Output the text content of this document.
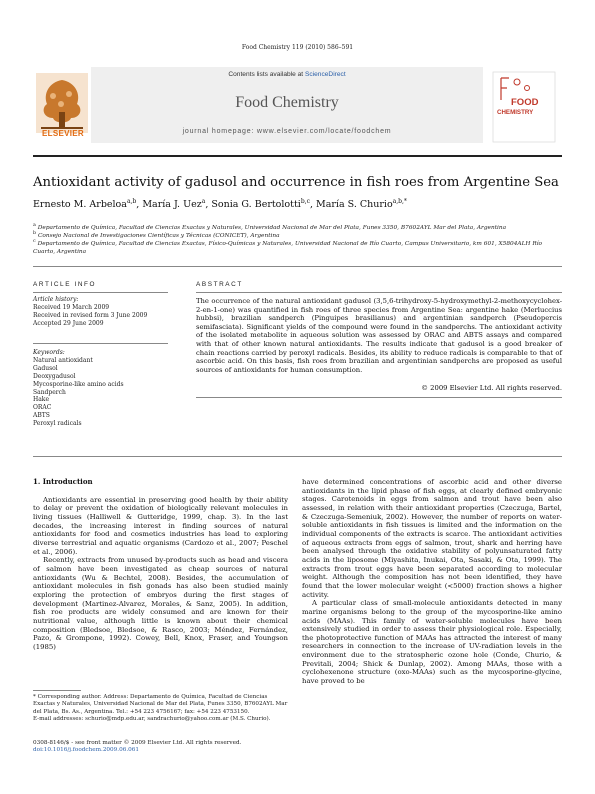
Food Chemistry 119 (2010) 586–591
ELSEVIER
Contents lists available at ScienceDirect
Food Chemistry
journal homepage: www.elsevier.com/locate/foodchem
FOOD
CHEMISTRY
Antioxidant activity of gadusol and occurrence in fish roes from Argentine Sea
Ernesto M. Arbeloa$^{a,b}$, María J. Uez$^a$, Sonia G. Bertolotti$^{b,c}$, María S. Churio$^{a,b,*}$
$^a$ Departamento de Química, Facultad de Ciencias Exactas y Naturales, Universidad Nacional de Mar del Plata, Funes 3350, B7602AYL Mar del Plata, Argentina
$^b$ Consejo Nacional de Investigaciones Científicas y Técnicas (CONICET), Argentina
$^c$ Departamento de Química, Facultad de Ciencias Exactas, Físico-Químicas y Naturales, Universidad Nacional de Río Cuarto, Campus Universitario, km 601, X5804ALH Río Cuarto, Argentina
ARTICLE INFO
Article history:
Received 19 March 2009
Received in revised form 3 June 2009
Accepted 29 June 2009
Keywords:
Natural antioxidant
Gadusol
Deoxygadusol
Mycosporine-like amino acids
Sandperch
Hake
ORAC
ABTS
Peroxyl radicals
ABSTRACT
The occurrence of the natural antioxidant gadusol (3,5,6-trihydroxy-5-hydroxymethyl-2-methoxycyclohex-2-en-1-one) was quantified in fish roes of three species from Argentine Sea: argentine hake (Merluccius hubbsi), brazilian sandperch (Pinguipes brasilianus) and argentinian sandperch (Pseudopercis semifasciata). Significant yields of the compound were found in the sandperchs. The antioxidant activity of the isolated metabolite in aqueous solution was assessed by ORAC and ABTS assays and compared with that of other known natural antioxidants. The results indicate that gadusol is a good breaker of chain reactions carried by peroxyl radicals. Besides, its ability to reduce radicals is comparable to that of ascorbic acid. On this basis, fish roes from brazilian and argentinian sandperchs are proposed as useful sources of antioxidants for human consumption.
© 2009 Elsevier Ltd. All rights reserved.
1. Introduction

Antioxidants are essential in preserving good health by their ability to delay or prevent the oxidation of biologically relevant molecules in living tissues (Halliwell & Gutteridge, 1999, chap. 3). In the last decades, the increasing interest in finding sources of natural antioxidants for food and cosmetics industries has lead to exploring diverse terrestrial and aquatic organisms (Cardozo et al., 2007; Peschel et al., 2006).

Recently, extracts from unused by-products such as head and viscera of salmon have been investigated as cheap sources of natural antioxidants (Wu & Bechtel, 2008). Besides, the accumulation of antioxidant molecules in fish gonads has also been studied mainly exploring the protection of embryos during the first stages of development (Martinez-Alvarez, Morales, & Sanz, 2005). In addition, fish roe products are widely consumed and are known for their nutritional value, although little is known about their chemical composition (Bledsoe, Bledsoe, & Rasco, 2003; Méndez, Fernández, Pazo, & Grompone, 1992). Cowey, Bell, Knox, Fraser, and Youngson (1985)

have determined concentrations of ascorbic acid and other diverse antioxidants in the lipid phase of fish eggs, at clearly defined embryonic stages. Carotenoids in eggs from salmon and trout have been also assessed, in relation with their antioxidant properties (Czeczuga, Bartel, & Czeczuga-Semeniuk, 2002). However, the number of reports on water-soluble antioxidants in fish tissues is limited and the information on the individual components of the extracts is scarce. The antioxidant activities of aqueous extracts from eggs of salmon, trout, shark and herring have been analysed through the oxidative stability of polyunsaturated fatty acids in the liposome (Miyashita, Inukai, Ota, Sasaki, & Ota, 1999). The extracts from trout eggs have been separated according to molecular weight. Although the composition has not been identified, they have found that the lower molecular weight (<5000) fraction shows a higher activity.

A particular class of small-molecule antioxidants detected in many marine organisms belong to the group of the mycosporine-like amino acids (MAAs). This family of water-soluble molecules have been extensively studied in order to assess their physiological role. Especially, the photoprotective function of MAAs has attracted the interest of many researchers in connection to the increase of UV-radiation levels in the environment due to the stratospheric ozone hole (Conde, Churio, & Previtali, 2004; Shick & Dunlap, 2002). Among MAAs, those with a cyclohexenone structure (oxo-MAAs) such as the mycosporine-glycine, have proved to be

* Corresponding author. Address: Departamento de Química, Facultad de Ciencias Exactas y Naturales, Universidad Nacional de Mar del Plata, Funes 3350, B7602AYL Mar del Plata, Bs. As., Argentina. Tel.: +54 223 4756167; fax: +54 223 4753150.
E-mail addresses: schurio@mdp.edu.ar, sandrachurio@yahoo.com.ar (M.S. Churio).
0308-8146/$ - see front matter © 2009 Elsevier Ltd. All rights reserved.
doi:10.1016/j.foodchem.2009.06.061
